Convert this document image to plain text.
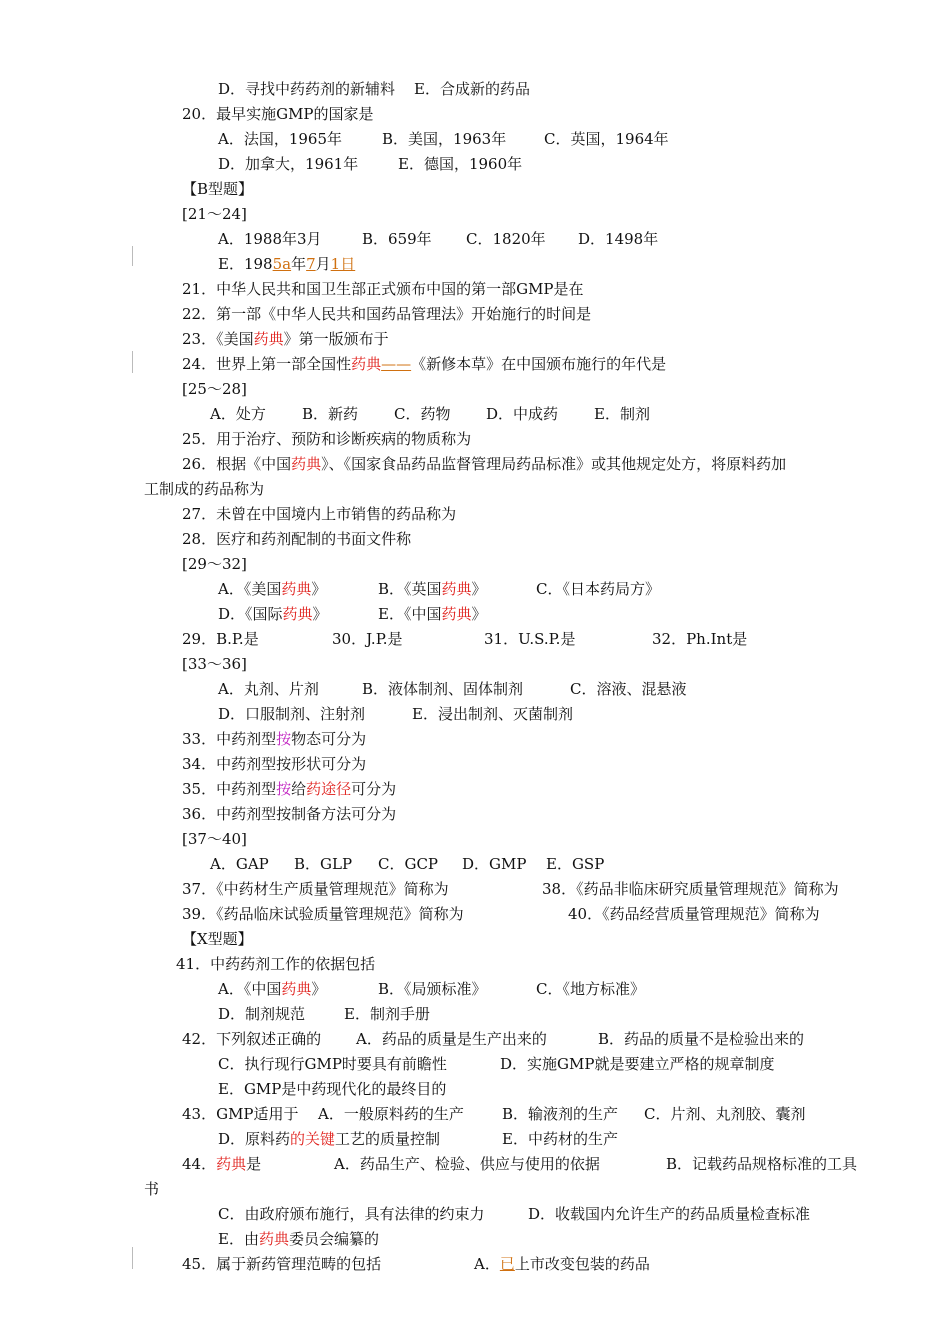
D．寻找中药药剂的新辅料 E．合成新的药品
20．最早实施GMP的国家是
A．法国，1965年	B．美国，1963年	C．英国，1964年
D．加拿大，1961年	E．德国，1960年
【B型题】
[21～24]
A．1988年3月	B．659年 C．1820年 D．1498年
E．1985a年7月1日
21．中华人民共和国卫生部正式颁布中国的第一部GMP是在
22．第一部《中华人民共和国药品管理法》开始施行的时间是
23．《美国药典》第一版颁布于
24．世界上第一部全国性药典——《新修本草》在中国颁布施行的年代是
[25～28]
A．处方 B．新药 C．药物 D．中成药 E．制剂
25．用于治疗、预防和诊断疾病的物质称为
26．根据《中国药典》、《国家食品药品监督管理局药品标准》或其他规定处方，将原料药加
工制成的药品称为
27．未曾在中国境内上市销售的药品称为
28．医疗和药剂配制的书面文件称
[29～32]
A．《美国药典》	B．《英国药典》	C．《日本药局方》
D．《国际药典》	E．《中国药典》
29．B.P.是	30．J.P.是	31．U.S.P.是	32．Ph.Int是
[33～36]
A．丸剂、片剂	B．液体制剂、固体制剂	C．溶液、混悬液
D．口服制剂、注射剂	E．浸出制剂、灭菌制剂
33．中药剂型按物态可分为
34．中药剂型按形状可分为
35．中药剂型按给药途径可分为
36．中药剂型按制备方法可分为
[37～40]
A．GAP B．GLP C．GCP D．GMP E．GSP
37．《中药材生产质量管理规范》简称为	38．《药品非临床研究质量管理规范》简称为
39．《药品临床试验质量管理规范》简称为	40．《药品经营质量管理规范》简称为
【X型题】
41．中药药剂工作的依据包括
A．《中国药典》	B．《局颁标准》	C．《地方标准》
D．制剂规范	E．制剂手册
42．下列叙述正确的 A．药品的质量是生产出来的	B．药品的质量不是检验出来的
C．执行现行GMP时要具有前瞻性	D．实施GMP就是要建立严格的规章制度
E．GMP是中药现代化的最终目的
43．GMP适用于 A．一般原料药的生产	B．输液剂的生产 C．片剂、丸剂胶、囊剂
D．原料药的关键工艺的质量控制	E．中药材的生产
44．药典是	A．药品生产、检验、供应与使用的依据	B．记载药品规格标准的工具
书
C．由政府颁布施行，具有法律的约束力	D．收载国内允许生产的药品质量检查标准
E．由药典委员会编纂的
45．属于新药管理范畴的包括	A．已上市改变包装的药品
